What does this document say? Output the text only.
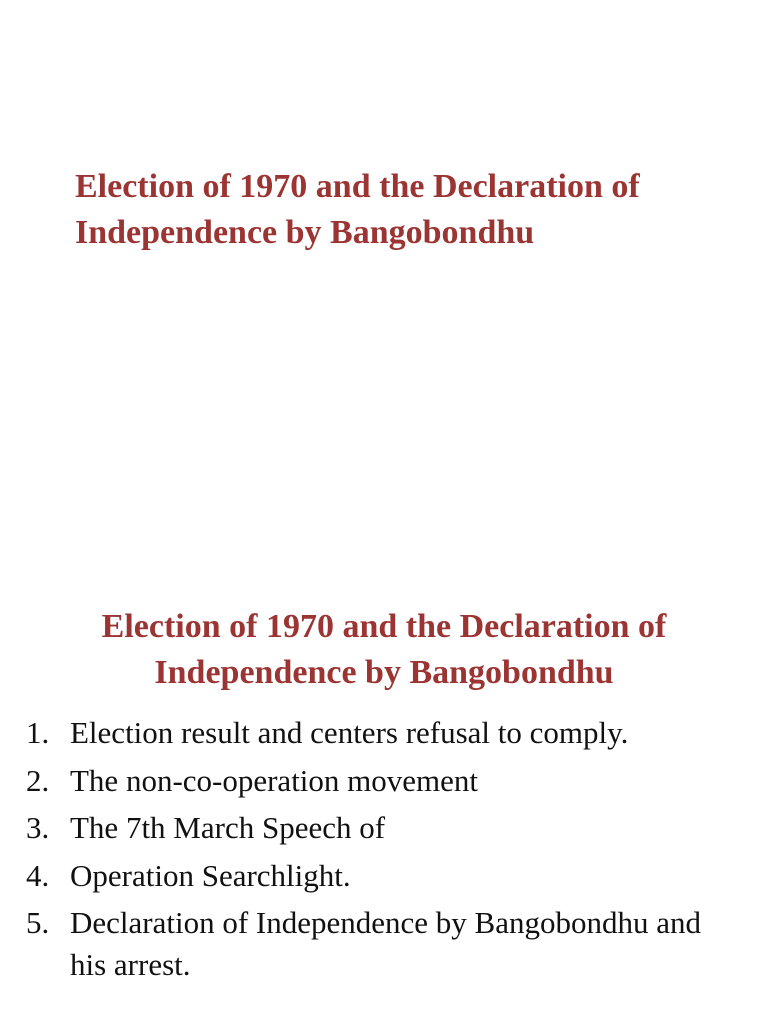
Election of 1970 and the Declaration of Independence by Bangobondhu
Election of 1970 and the Declaration of Independence by Bangobondhu
1. Election result and centers refusal to comply.
2. The non-co-operation movement
3. The 7th March Speech of
4. Operation Searchlight.
5. Declaration of Independence by Bangobondhu and his arrest.
